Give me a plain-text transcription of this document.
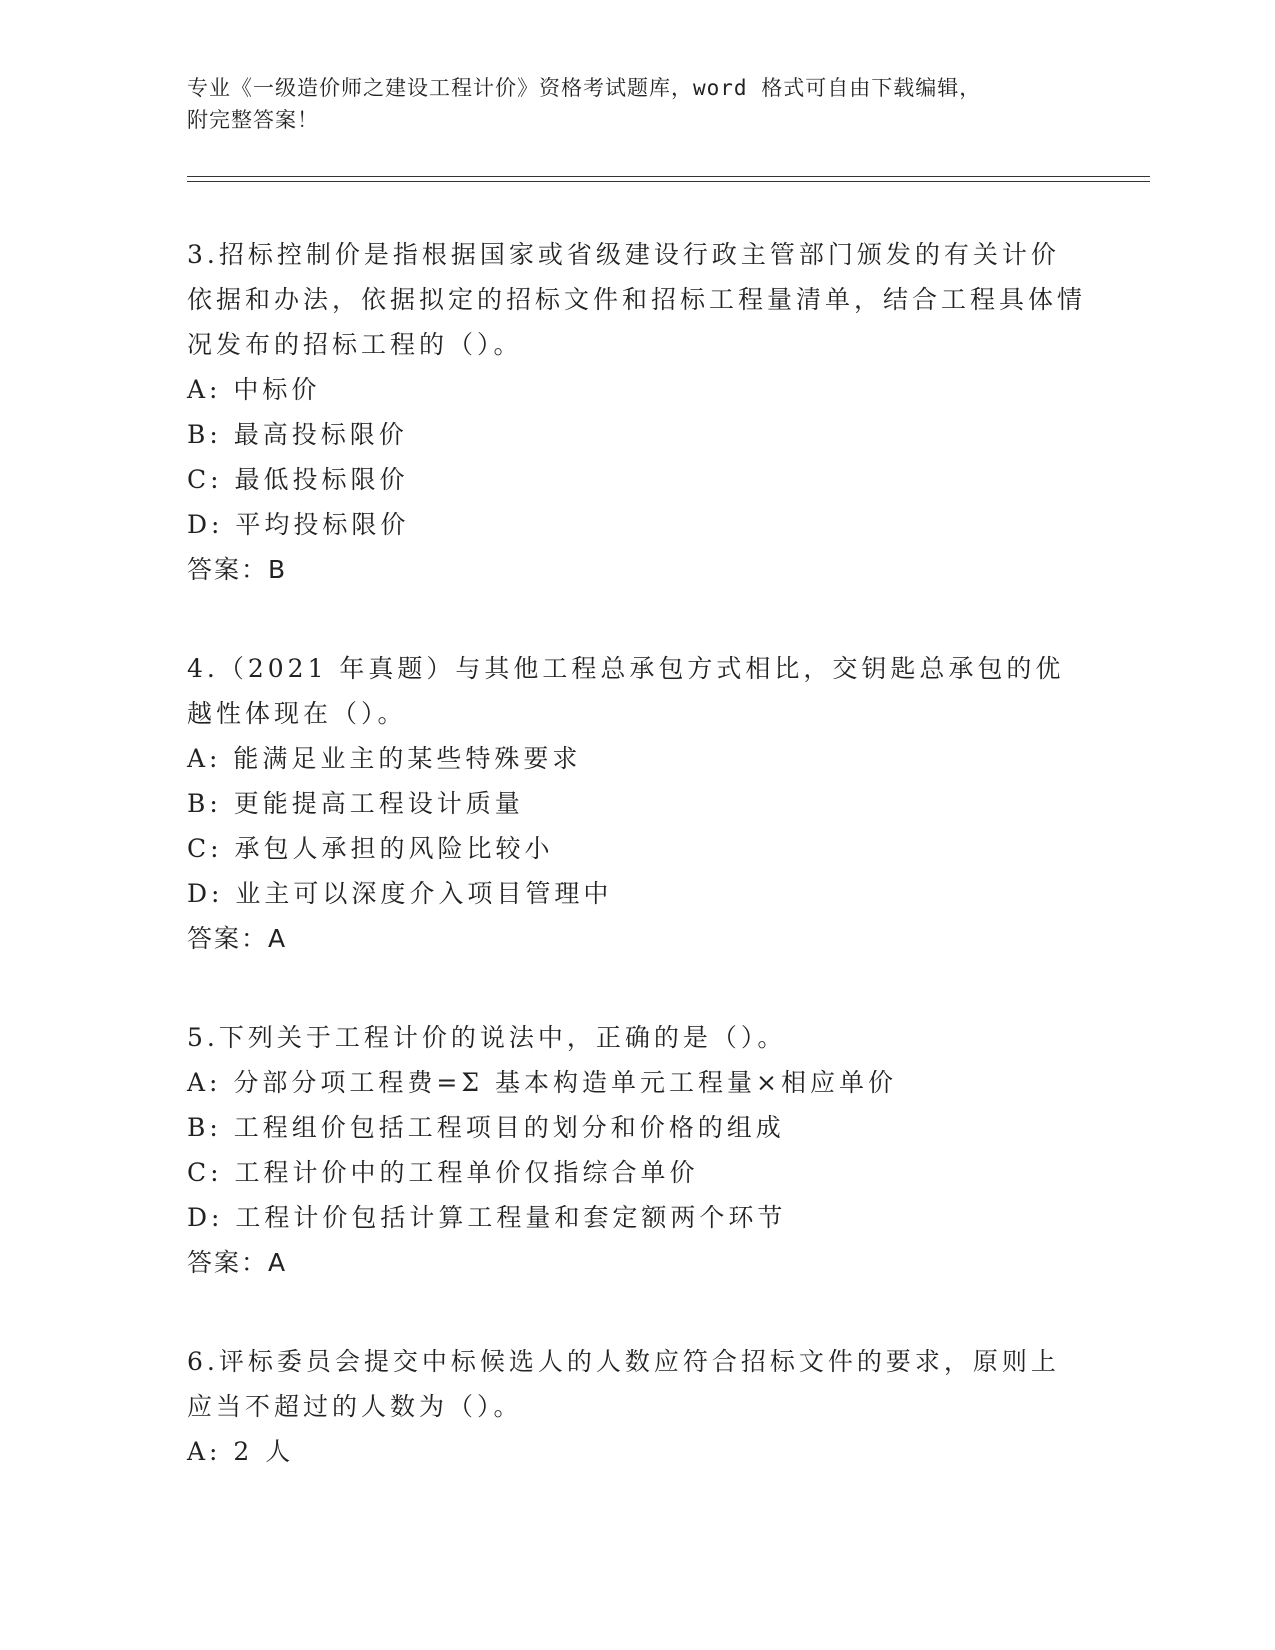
专业《一级造价师之建设工程计价》资格考试题库，word 格式可自由下载编辑，
附完整答案！

3.招标控制价是指根据国家或省级建设行政主管部门颁发的有关计价依据和办法，依据拟定的招标文件和招标工程量清单，结合工程具体情况发布的招标工程的（）。

A: 中标价
B: 最高投标限价
C: 最低投标限价
D: 平均投标限价
答案：B

4.（2021 年真题）与其他工程总承包方式相比，交钥匙总承包的优越性体现在（）。

A: 能满足业主的某些特殊要求
B: 更能提高工程设计质量
C: 承包人承担的风险比较小
D: 业主可以深度介入项目管理中
答案：A

5.下列关于工程计价的说法中，正确的是（）。

A: 分部分项工程费=Σ 基本构造单元工程量×相应单价
B: 工程组价包括工程项目的划分和价格的组成
C: 工程计价中的工程单价仅指综合单价
D: 工程计价包括计算工程量和套定额两个环节
答案：A

6.评标委员会提交中标候选人的人数应符合招标文件的要求，原则上应当不超过的人数为（）。

A: 2 人
